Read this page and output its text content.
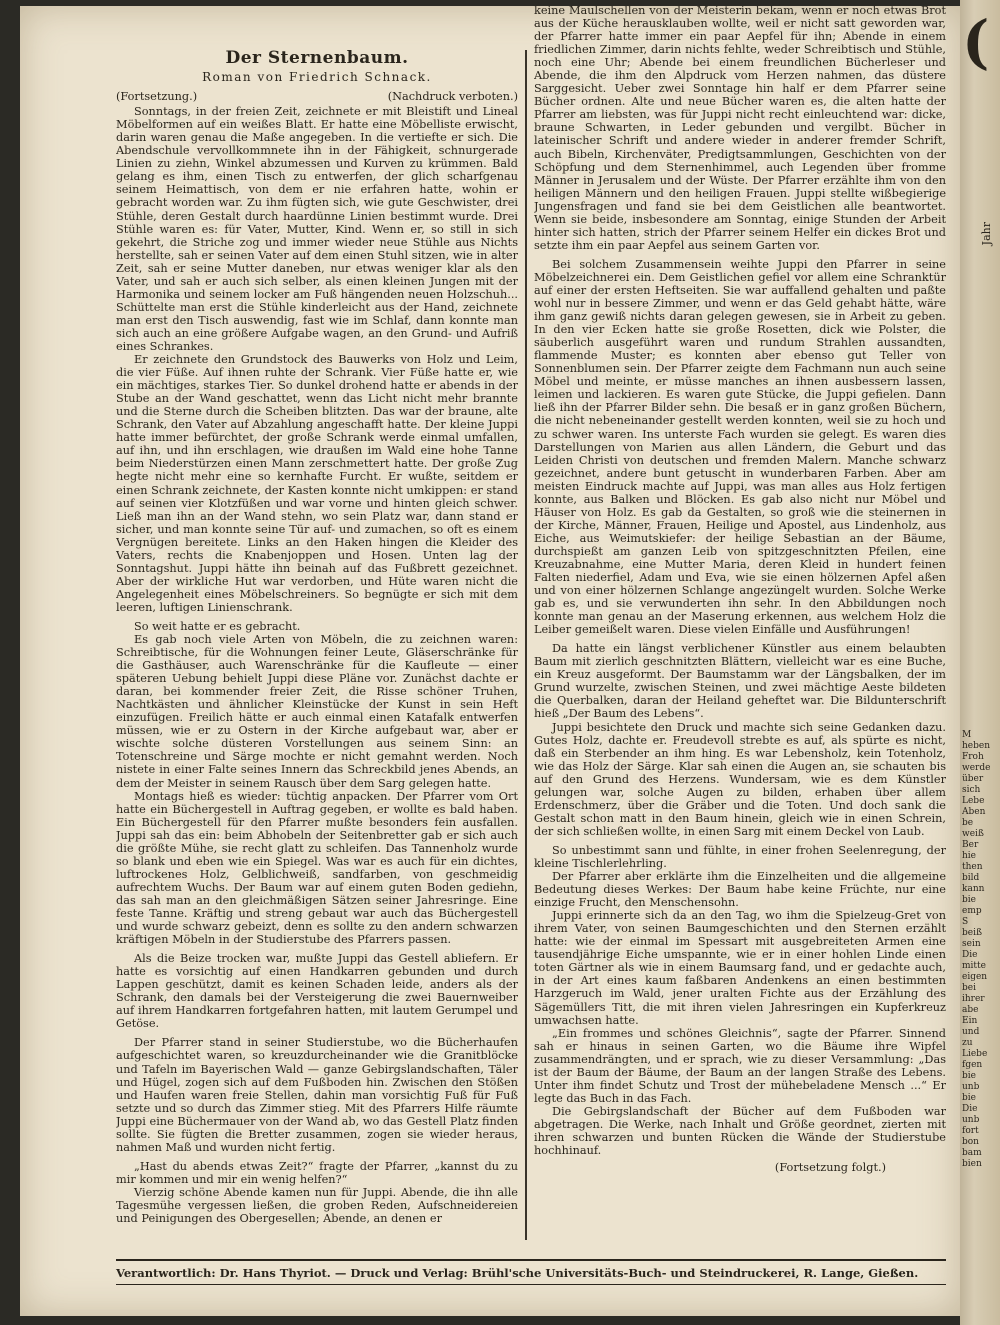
Der Sternenbaum.
Roman von Friedrich Schnack.
(Fortsetzung.)	(Nachdruck verboten.)

Sonntags, in der freien Zeit, zeichnete er mit Bleistift und Lineal Möbelformen auf ein weißes Blatt. Er hatte eine Möbelliste erwischt, darin waren genau die Maße angegeben. In die vertiefte er sich. Die Abendschule vervollkommnete ihn in der Fähigkeit, schnurgerade Linien zu ziehn, Winkel abzumessen und Kurven zu krümmen. Bald gelang es ihm, einen Tisch zu entwerfen, der glich scharfgenau seinem Heimattisch, von dem er nie erfahren hatte, wohin er gebracht worden war. Zu ihm fügten sich, wie gute Geschwister, drei Stühle, deren Gestalt durch haardünne Linien bestimmt wurde. Drei Stühle waren es: für Vater, Mutter, Kind. Wenn er, so still in sich gekehrt, die Striche zog und immer wieder neue Stühle aus Nichts herstellte, sah er seinen Vater auf dem einen Stuhl sitzen, wie in alter Zeit, sah er seine Mutter daneben, nur etwas weniger klar als den Vater, und sah er auch sich selber, als einen kleinen Jungen mit der Harmonika und seinem locker am Fuß hängenden neuen Holzschuh... Schüttelte man erst die Stühle kinderleicht aus der Hand, zeichnete man erst den Tisch auswendig, fast wie im Schlaf, dann konnte man sich auch an eine größere Aufgabe wagen, an den Grund- und Aufriß eines Schrankes.

Er zeichnete den Grundstock des Bauwerks von Holz und Leim, die vier Füße. Auf ihnen ruhte der Schrank. Vier Füße hatte er, wie ein mächtiges, starkes Tier. So dunkel drohend hatte er abends in der Stube an der Wand geschattet, wenn das Licht nicht mehr brannte und die Sterne durch die Scheiben blitzten. Das war der braune, alte Schrank, den Vater auf Abzahlung angeschafft hatte. Der kleine Juppi hatte immer befürchtet, der große Schrank werde einmal umfallen, auf ihn, und ihn erschlagen, wie draußen im Wald eine hohe Tanne beim Niederstürzen einen Mann zerschmettert hatte. Der große Zug hegte nicht mehr eine so kernhafte Furcht. Er wußte, seitdem er einen Schrank zeichnete, der Kasten konnte nicht umkippen: er stand auf seinen vier Klotzfüßen und war vorne und hinten gleich schwer. Ließ man ihn an der Wand stehn, wo sein Platz war, dann stand er sicher, und man konnte seine Tür auf- und zumachen, so oft es einem Vergnügen bereitete. Links an den Haken hingen die Kleider des Vaters, rechts die Knabenjoppen und Hosen. Unten lag der Sonntagshut. Juppi hätte ihn beinah auf das Fußbrett gezeichnet. Aber der wirkliche Hut war verdorben, und Hüte waren nicht die Angelegenheit eines Möbelschreiners. So begnügte er sich mit dem leeren, luftigen Linienschrank.

So weit hatte er es gebracht.

Es gab noch viele Arten von Möbeln, die zu zeichnen waren: Schreibtische, für die Wohnungen feiner Leute, Gläserschränke für die Gasthäuser, auch Warenschränke für die Kaufleute — einer späteren Uebung behielt Juppi diese Pläne vor. Zunächst dachte er daran, bei kommender freier Zeit, die Risse schöner Truhen, Nachtkästen und ähnlicher Kleinstücke der Kunst in sein Heft einzufügen. Freilich hätte er auch einmal einen Katafalk entwerfen müssen, wie er zu Ostern in der Kirche aufgebaut war, aber er wischte solche düsteren Vorstellungen aus seinem Sinn: an Totenschreine und Särge mochte er nicht gemahnt werden. Noch nistete in einer Falte seines Innern das Schreckbild jenes Abends, an dem der Meister in seinem Rausch über dem Sarg gelegen hatte.

Montags hieß es wieder: tüchtig anpacken. Der Pfarrer vom Ort hatte ein Büchergestell in Auftrag gegeben, er wollte es bald haben. Ein Büchergestell für den Pfarrer mußte besonders fein ausfallen. Juppi sah das ein: beim Abhobeln der Seitenbretter gab er sich auch die größte Mühe, sie recht glatt zu schleifen. Das Tannenholz wurde so blank und eben wie ein Spiegel. Was war es auch für ein dichtes, luftrockenes Holz, Gelblichweiß, sandfarben, von geschmeidig aufrechtem Wuchs. Der Baum war auf einem guten Boden gediehn, das sah man an den gleichmäßigen Sätzen seiner Jahresringe. Eine feste Tanne. Kräftig und streng gebaut war auch das Büchergestell und wurde schwarz gebeizt, denn es sollte zu den andern schwarzen kräftigen Möbeln in der Studierstube des Pfarrers passen.

Als die Beize trocken war, mußte Juppi das Gestell abliefern. Er hatte es vorsichtig auf einen Handkarren gebunden und durch Lappen geschützt, damit es keinen Schaden leide, anders als der Schrank, den damals bei der Versteigerung die zwei Bauernweiber auf ihrem Handkarren fortgefahren hatten, mit lautem Gerumpel und Getöse.

Der Pfarrer stand in seiner Studierstube, wo die Bücherhaufen aufgeschichtet waren, so kreuzdurcheinander wie die Granitblöcke und Tafeln im Bayerischen Wald — ganze Gebirgslandschaften, Täler und Hügel, zogen sich auf dem Fußboden hin. Zwischen den Stößen und Haufen waren freie Stellen, dahin man vorsichtig Fuß für Fuß setzte und so durch das Zimmer stieg. Mit des Pfarrers Hilfe räumte Juppi eine Büchermauer von der Wand ab, wo das Gestell Platz finden sollte. Sie fügten die Bretter zusammen, zogen sie wieder heraus, nahmen Maß und wurden nicht fertig.

„Hast du abends etwas Zeit?“ fragte der Pfarrer, „kannst du zu mir kommen und mir ein wenig helfen?“

Vierzig schöne Abende kamen nun für Juppi. Abende, die ihn alle Tagesmühe vergessen ließen, die groben Reden, Aufschneidereien und Peinigungen des Obergesellen; Abende, an denen er

keine Maulschellen von der Meisterin bekam, wenn er noch etwas Brot aus der Küche herausklauben wollte, weil er nicht satt geworden war, der Pfarrer hatte immer ein paar Aepfel für ihn; Abende in einem friedlichen Zimmer, darin nichts fehlte, weder Schreibtisch und Stühle, noch eine Uhr; Abende bei einem freundlichen Bücherleser und Abende, die ihm den Alpdruck vom Herzen nahmen, das düstere Sarggesicht. Ueber zwei Sonntage hin half er dem Pfarrer seine Bücher ordnen. Alte und neue Bücher waren es, die alten hatte der Pfarrer am liebsten, was für Juppi nicht recht einleuchtend war: dicke, braune Schwarten, in Leder gebunden und vergilbt. Bücher in lateinischer Schrift und andere wieder in anderer fremder Schrift, auch Bibeln, Kirchenväter, Predigtsammlungen, Geschichten von der Schöpfung und dem Sternenhimmel, auch Legenden über fromme Männer in Jerusalem und der Wüste. Der Pfarrer erzählte ihm von den heiligen Männern und den heiligen Frauen. Juppi stellte wißbegierige Jungensfragen und fand sie bei dem Geistlichen alle beantwortet. Wenn sie beide, insbesondere am Sonntag, einige Stunden der Arbeit hinter sich hatten, strich der Pfarrer seinem Helfer ein dickes Brot und setzte ihm ein paar Aepfel aus seinem Garten vor.

Bei solchem Zusammensein weihte Juppi den Pfarrer in seine Möbelzeichnerei ein. Dem Geistlichen gefiel vor allem eine Schranktür auf einer der ersten Heftseiten. Sie war auffallend gehalten und paßte wohl nur in bessere Zimmer, und wenn er das Geld gehabt hätte, wäre ihm ganz gewiß nichts daran gelegen gewesen, sie in Arbeit zu geben. In den vier Ecken hatte sie große Rosetten, dick wie Polster, die säuberlich ausgeführt waren und rundum Strahlen aussandten, flammende Muster; es konnten aber ebenso gut Teller von Sonnenblumen sein. Der Pfarrer zeigte dem Fachmann nun auch seine Möbel und meinte, er müsse manches an ihnen ausbessern lassen, leimen und lackieren. Es waren gute Stücke, die Juppi gefielen. Dann ließ ihn der Pfarrer Bilder sehn. Die besaß er in ganz großen Büchern, die nicht nebeneinander gestellt werden konnten, weil sie zu hoch und zu schwer waren. Ins unterste Fach wurden sie gelegt. Es waren dies Darstellungen von Marien aus allen Ländern, die Geburt und das Leiden Christi von deutschen und fremden Malern. Manche schwarz gezeichnet, andere bunt getuscht in wunderbaren Farben. Aber am meisten Eindruck machte auf Juppi, was man alles aus Holz fertigen konnte, aus Balken und Blöcken. Es gab also nicht nur Möbel und Häuser von Holz. Es gab da Gestalten, so groß wie die steinernen in der Kirche, Männer, Frauen, Heilige und Apostel, aus Lindenholz, aus Eiche, aus Weimutskiefer: der heilige Sebastian an der Bäume, durchspießt am ganzen Leib von spitzgeschnitzten Pfeilen, eine Kreuzabnahme, eine Mutter Maria, deren Kleid in hundert feinen Falten niederfiel, Adam und Eva, wie sie einen hölzernen Apfel aßen und von einer hölzernen Schlange angezüngelt wurden. Solche Werke gab es, und sie verwunderten ihn sehr. In den Abbildungen noch konnte man genau an der Maserung erkennen, aus welchem Holz die Leiber gemeißelt waren. Diese vielen Einfälle und Ausführungen!

Da hatte ein längst verblichener Künstler aus einem belaubten Baum mit zierlich geschnitzten Blättern, vielleicht war es eine Buche, ein Kreuz ausgeformt. Der Baumstamm war der Längsbalken, der im Grund wurzelte, zwischen Steinen, und zwei mächtige Aeste bildeten die Querbalken, daran der Heiland geheftet war. Die Bildunterschrift hieß „Der Baum des Lebens“.

Juppi besichtete den Druck und machte sich seine Gedanken dazu. Gutes Holz, dachte er. Freudevoll strebte es auf, als spürte es nicht, daß ein Sterbender an ihm hing. Es war Lebensholz, kein Totenholz, wie das Holz der Särge. Klar sah einen die Augen an, sie schauten bis auf den Grund des Herzens. Wundersam, wie es dem Künstler gelungen war, solche Augen zu bilden, erhaben über allem Erdenschmerz, über die Gräber und die Toten. Und doch sank die Gestalt schon matt in den Baum hinein, gleich wie in einen Schrein, der sich schließen wollte, in einen Sarg mit einem Deckel von Laub.

So unbestimmt sann und fühlte, in einer frohen Seelenregung, der kleine Tischlerlehrling.

Der Pfarrer aber erklärte ihm die Einzelheiten und die allgemeine Bedeutung dieses Werkes: Der Baum habe keine Früchte, nur eine einzige Frucht, den Menschensohn.

Juppi erinnerte sich da an den Tag, wo ihm die Spielzeug-Gret von ihrem Vater, von seinen Baumgeschichten und den Sternen erzählt hatte: wie der einmal im Spessart mit ausgebreiteten Armen eine tausendjährige Eiche umspannte, wie er in einer hohlen Linde einen toten Gärtner als wie in einem Baumsarg fand, und er gedachte auch, in der Art eines kaum faßbaren Andenkens an einen bestimmten Harzgeruch im Wald, jener uralten Fichte aus der Erzählung des Sägemüllers Titt, die mit ihren vielen Jahresringen ein Kupferkreuz umwachsen hatte.

„Ein frommes und schönes Gleichnis“, sagte der Pfarrer. Sinnend sah er hinaus in seinen Garten, wo die Bäume ihre Wipfel zusammendrängten, und er sprach, wie zu dieser Versammlung: „Das ist der Baum der Bäume, der Baum an der langen Straße des Lebens. Unter ihm findet Schutz und Trost der mühebeladene Mensch ...“ Er legte das Buch in das Fach.

Die Gebirgslandschaft der Bücher auf dem Fußboden war abgetragen. Die Werke, nach Inhalt und Größe geordnet, zierten mit ihren schwarzen und bunten Rücken die Wände der Studierstube hochhinauf.

(Fortsetzung folgt.)
Verantwortlich: Dr. Hans Thyriot. — Druck und Verlag: Brühl'sche Universitäts-Buch- und Steindruckerei, R. Lange, Gießen.
(
Jahr
M
heben
Froh
werde
über
sich
Lebe
Aben
be
weiß
Ber
hie
then
bild
kann
bie
emp
S
beiß
sein
Die
mitte
eigen
bei
ihrer
abe
Ein
und
zu
Liebe
fgen
bie
unb
bie
Die
unb
fort
bon
bam
bien
